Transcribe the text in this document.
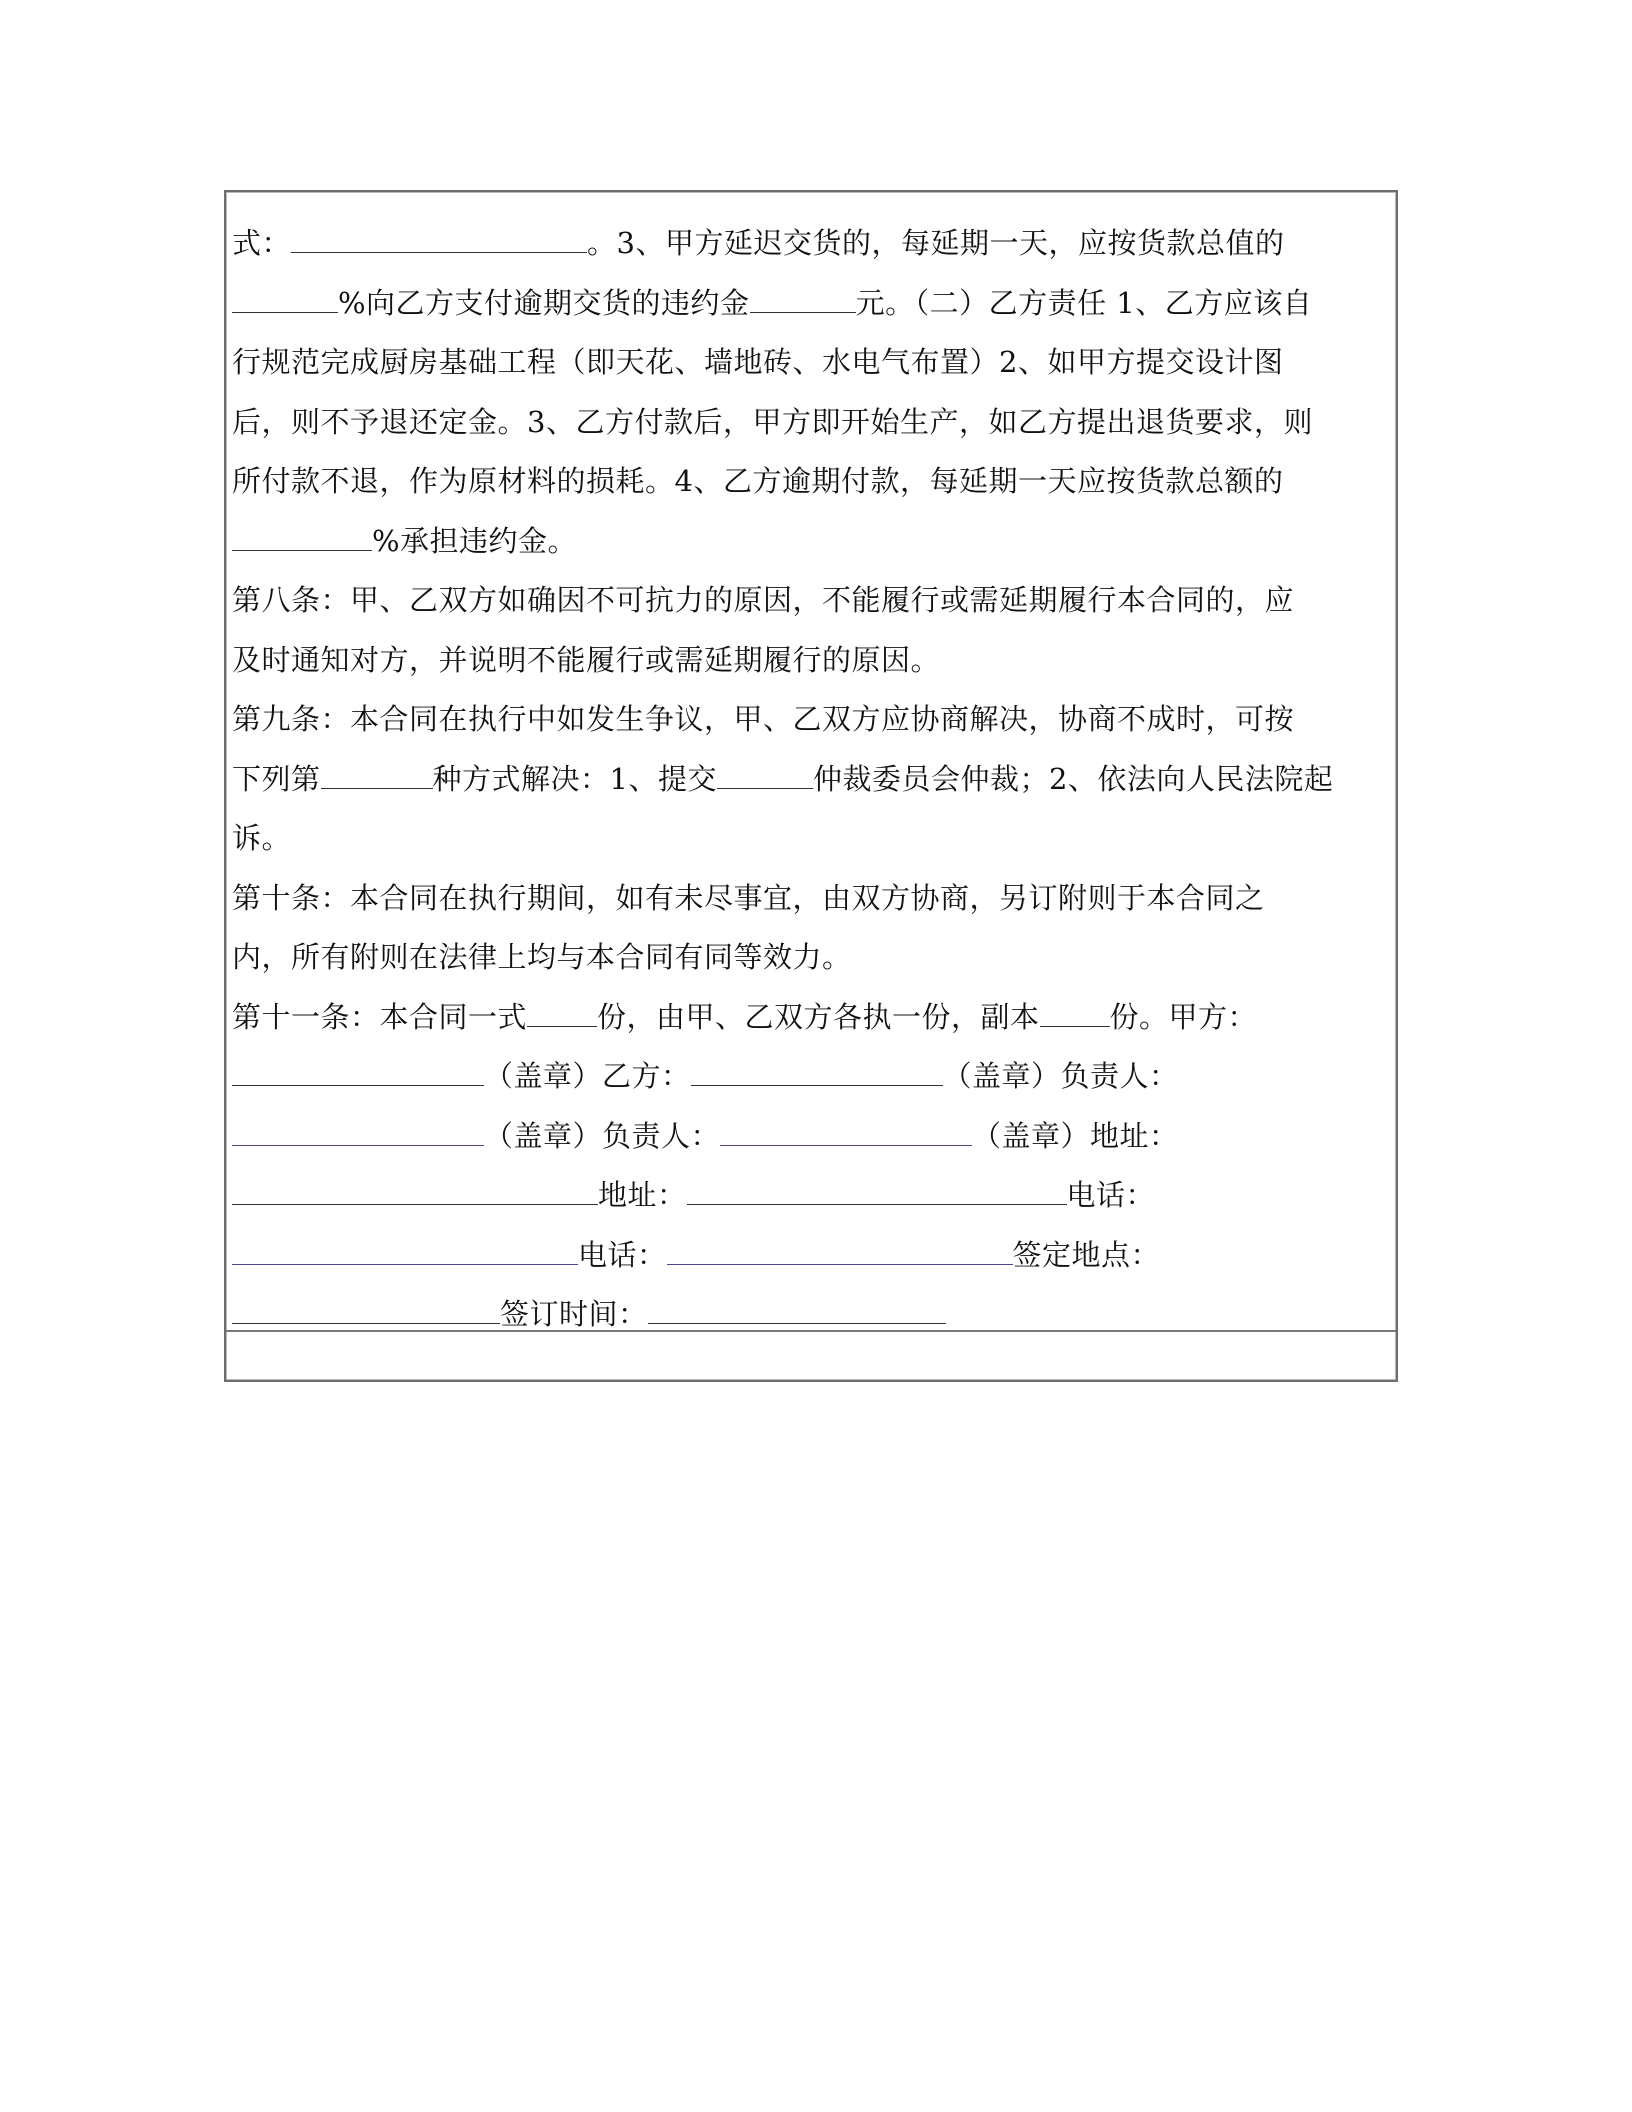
式：	。3、甲方延迟交货的，每延期一天，应按货款总值的
%向乙方支付逾期交货的违约金	元。（二）乙方责任 1、乙方应该自
行规范完成厨房基础工程（即天花、墙地砖、水电气布置）2、如甲方提交设计图
后，则不予退还定金。3、乙方付款后，甲方即开始生产，如乙方提出退货要求，则
所付款不退，作为原材料的损耗。4、乙方逾期付款，每延期一天应按货款总额的
%承担违约金。
第八条：甲、乙双方如确因不可抗力的原因，不能履行或需延期履行本合同的，应
及时通知对方，并说明不能履行或需延期履行的原因。
第九条：本合同在执行中如发生争议，甲、乙双方应协商解决，协商不成时，可按
下列第	种方式解决：1、提交	仲裁委员会仲裁；2、依法向人民法院起
诉。
第十条：本合同在执行期间，如有未尽事宜，由双方协商，另订附则于本合同之
内，所有附则在法律上均与本合同有同等效力。
第十一条：本合同一式 份，由甲、乙双方各执一份，副本 份。甲方：
（盖章）乙方：	（盖章）负责人：
（盖章）负责人：	（盖章）地址：
地址：	电话：
电话：	签定地点：
签订时间：
